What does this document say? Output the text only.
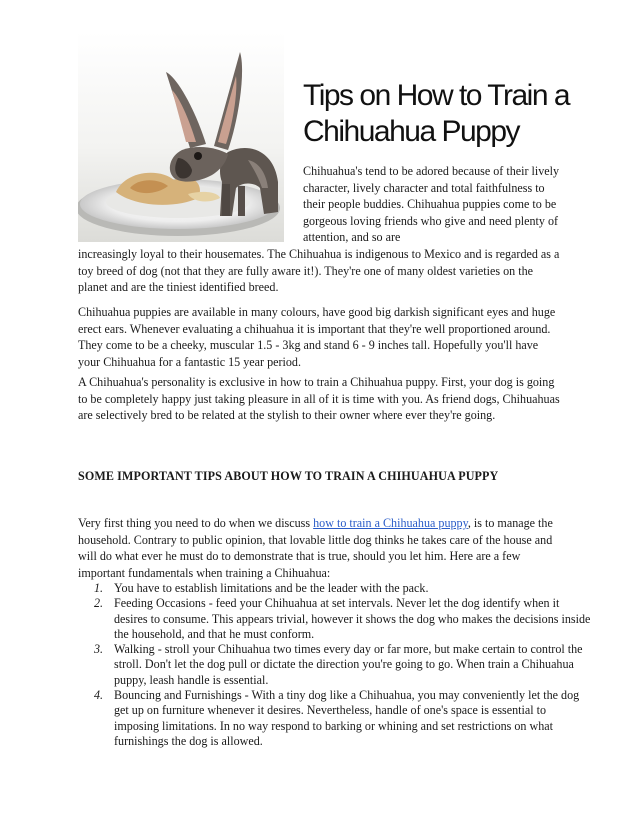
Tips on How to Train a Chihuahua Puppy

Chihuahua's tend to be adored because of their lively character, lively character and total faithfulness to their people buddies. Chihuahua puppies come to be gorgeous loving friends who give and need plenty of attention, and so are

increasingly loyal to their housemates. The Chihuahua is indigenous to Mexico and is regarded as a toy breed of dog (not that they are fully aware it!). They're one of many oldest varieties on the planet and are the tiniest identified breed.

Chihuahua puppies are available in many colours, have good big darkish significant eyes and huge erect ears. Whenever evaluating a chihuahua it is important that they're well proportioned around. They come to be a cheeky, muscular 1.5 - 3kg and stand 6 - 9 inches tall. Hopefully you'll have your Chihuahua for a fantastic 15 year period.

A Chihuahua's personality is exclusive in how to train a Chihuahua puppy. First, your dog is going to be completely happy just taking pleasure in all of it is time with you. As friend dogs, Chihuahuas are selectively bred to be related at the stylish to their owner where ever they're going.

SOME IMPORTANT TIPS ABOUT HOW TO TRAIN A CHIHUAHUA PUPPY

Very first thing you need to do when we discuss how to train a Chihuahua puppy, is to manage the household. Contrary to public opinion, that lovable little dog thinks he takes care of the house and will do what ever he must do to demonstrate that is true, should you let him. Here are a few important fundamentals when training a Chihuahua:

1. You have to establish limitations and be the leader with the pack.
2. Feeding Occasions - feed your Chihuahua at set intervals. Never let the dog identify when it desires to consume. This appears trivial, however it shows the dog who makes the decisions inside the household, and that he must conform.
3. Walking - stroll your Chihuahua two times every day or far more, but make certain to control the stroll. Don't let the dog pull or dictate the direction you're going to go. When train a Chihuahua puppy, leash handle is essential.
4. Bouncing and Furnishings - With a tiny dog like a Chihuahua, you may conveniently let the dog get up on furniture whenever it desires. Nevertheless, handle of one's space is essential to imposing limitations. In no way respond to barking or whining and set restrictions on what furnishings the dog is allowed.
